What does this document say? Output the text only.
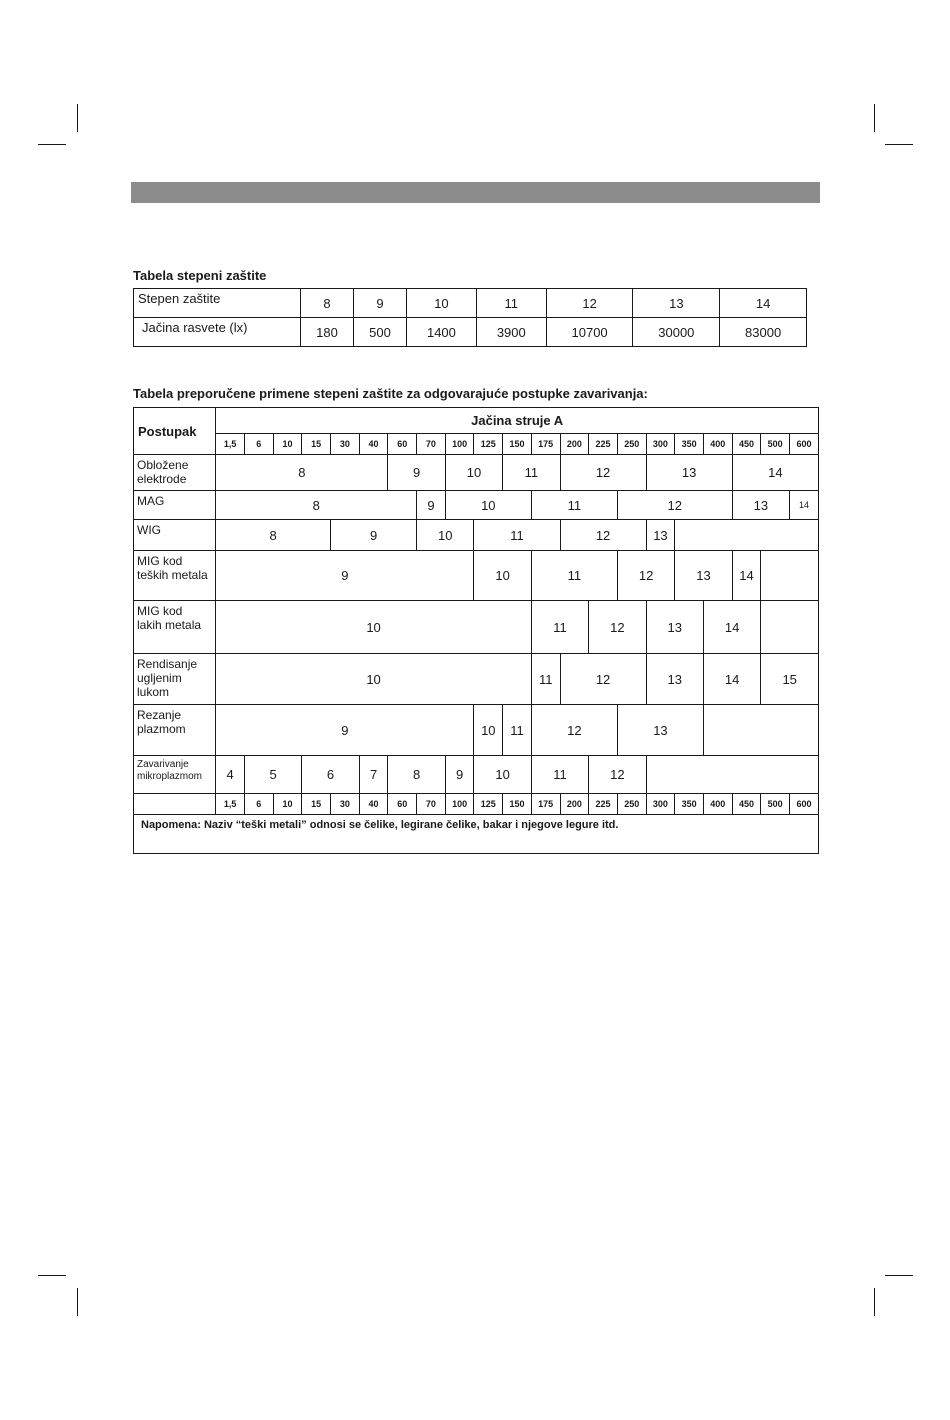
Tabela stepeni zaštite
Stepen zaštite	8	9	10	11	12	13	14
Jačina rasvete (lx)	180	500	1400	3900	10700	30000	83000
Tabela preporučene primene stepeni zaštite za odgovarajuće postupke zavarivanja:
Postupak	Jačina struje A																				
	1,5	6	10	15	30	40	60	70	100	125	150	175	200	225	250	300	350	400	450	500	600
Obložene
elektrode	8						9		10		11		12			13			14		
MAG	8							9	10			11			12				13		14
WIG	8				9			10		11			12			13					
MIG kod
teških metala	9									10		11			12		13		14		
MIG kod
lakih metala	10											11		12		13		14			
Rendisanje
ugljenim
lukom	10											11	12			13		14		15	
Rezanje
plazmom	9									10	11	12			13						
Zavarivanje
mikroplazmom	4	5		6		7	8		9	10		11		12							
	1,5	6	10	15	30	40	60	70	100	125	150	175	200	225	250	300	350	400	450	500	600
Napomena: Naziv “teški metali” odnosi se čelike, legirane čelike, bakar i njegove legure itd.																					
